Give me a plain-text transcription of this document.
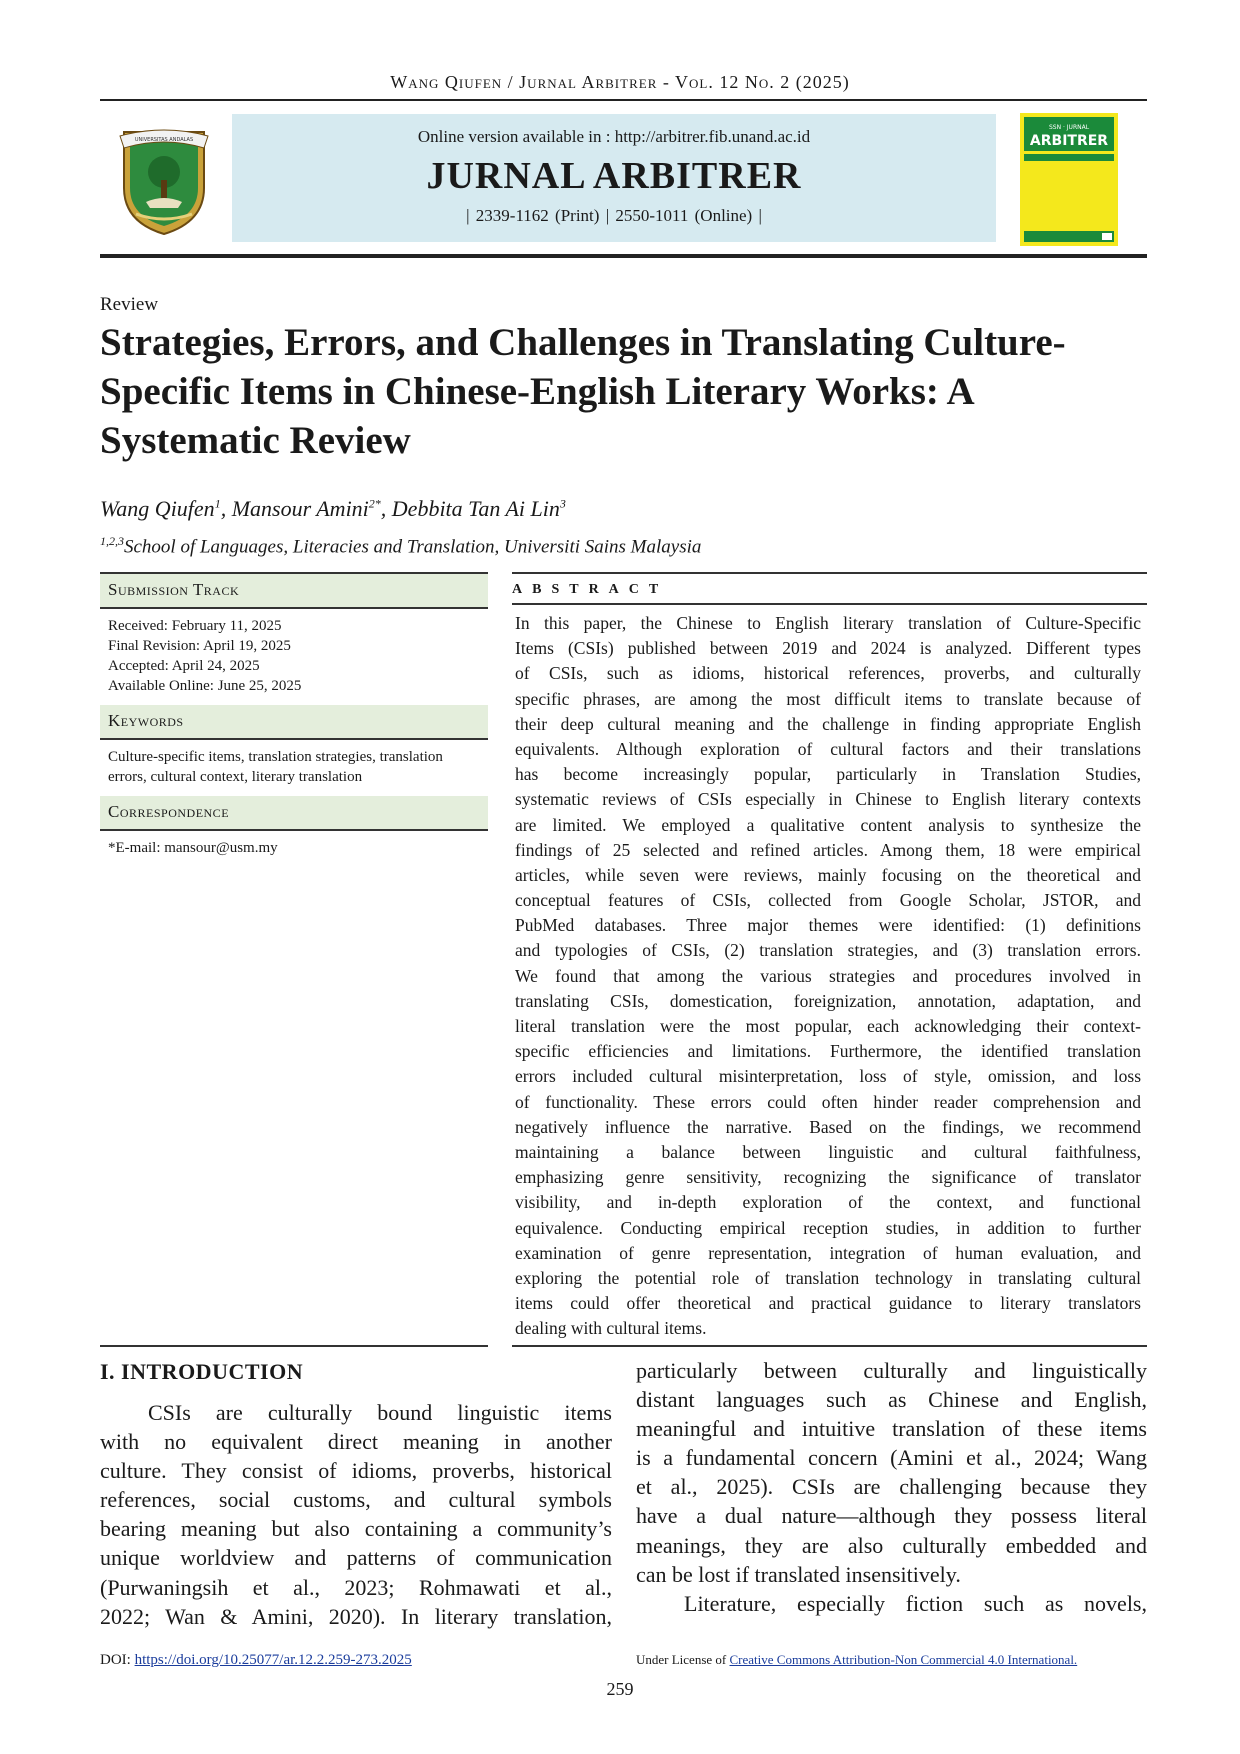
Wang Qiufen / Jurnal Arbitrer - Vol. 12 No. 2 (2025)
UNIVERSITAS ANDALAS	Online version available in : http://arbitrer.fib.unand.ac.id
JURNAL ARBITRER
| 2339-1162 (Print) | 2550-1011 (Online) |
SSN · JURNAL
ARBITRER
Review
Strategies, Errors, and Challenges in Translating Culture-
Specific Items in Chinese-English Literary Works: A
Systematic Review
Wang Qiufen$^1$, Mansour Amini$^{2*}$, Debbita Tan Ai Lin$^3$
$^{1,2,3}$School of Languages, Literacies and Translation, Universiti Sains Malaysia
Submission Track
Received: February 11, 2025
Final Revision: April 19, 2025
Accepted: April 24, 2025
Available Online: June 25, 2025
Keywords
Culture-specific items, translation strategies, translation
errors, cultural context, literary translation
Correspondence
*E-mail: mansour@usm.my
ABSTRACT
In this paper, the Chinese to English literary translation of Culture-Specific
Items (CSIs) published between 2019 and 2024 is analyzed. Different types
of CSIs, such as idioms, historical references, proverbs, and culturally
specific phrases, are among the most difficult items to translate because of
their deep cultural meaning and the challenge in finding appropriate English
equivalents. Although exploration of cultural factors and their translations
has become increasingly popular, particularly in Translation Studies,
systematic reviews of CSIs especially in Chinese to English literary contexts
are limited. We employed a qualitative content analysis to synthesize the
findings of 25 selected and refined articles. Among them, 18 were empirical
articles, while seven were reviews, mainly focusing on the theoretical and
conceptual features of CSIs, collected from Google Scholar, JSTOR, and
PubMed databases. Three major themes were identified: (1) definitions
and typologies of CSIs, (2) translation strategies, and (3) translation errors.
We found that among the various strategies and procedures involved in
translating CSIs, domestication, foreignization, annotation, adaptation, and
literal translation were the most popular, each acknowledging their context-
specific efficiencies and limitations. Furthermore, the identified translation
errors included cultural misinterpretation, loss of style, omission, and loss
of functionality. These errors could often hinder reader comprehension and
negatively influence the narrative. Based on the findings, we recommend
maintaining a balance between linguistic and cultural faithfulness,
emphasizing genre sensitivity, recognizing the significance of translator
visibility, and in-depth exploration of the context, and functional
equivalence. Conducting empirical reception studies, in addition to further
examination of genre representation, integration of human evaluation, and
exploring the potential role of translation technology in translating cultural
items could offer theoretical and practical guidance to literary translators
dealing with cultural items.
I. INTRODUCTION
CSIs are culturally bound linguistic items
with no equivalent direct meaning in another
culture. They consist of idioms, proverbs, historical
references, social customs, and cultural symbols
bearing meaning but also containing a community’s
unique worldview and patterns of communication
(Purwaningsih et al., 2023; Rohmawati et al.,
2022; Wan & Amini, 2020). In literary translation,
particularly between culturally and linguistically
distant languages such as Chinese and English,
meaningful and intuitive translation of these items
is a fundamental concern (Amini et al., 2024; Wang
et al., 2025). CSIs are challenging because they
have a dual nature—although they possess literal
meanings, they are also culturally embedded and
can be lost if translated insensitively.
Literature, especially fiction such as novels,
DOI: https://doi.org/10.25077/ar.12.2.259-273.2025	Under License of Creative Commons Attribution-Non Commercial 4.0 International.
259
